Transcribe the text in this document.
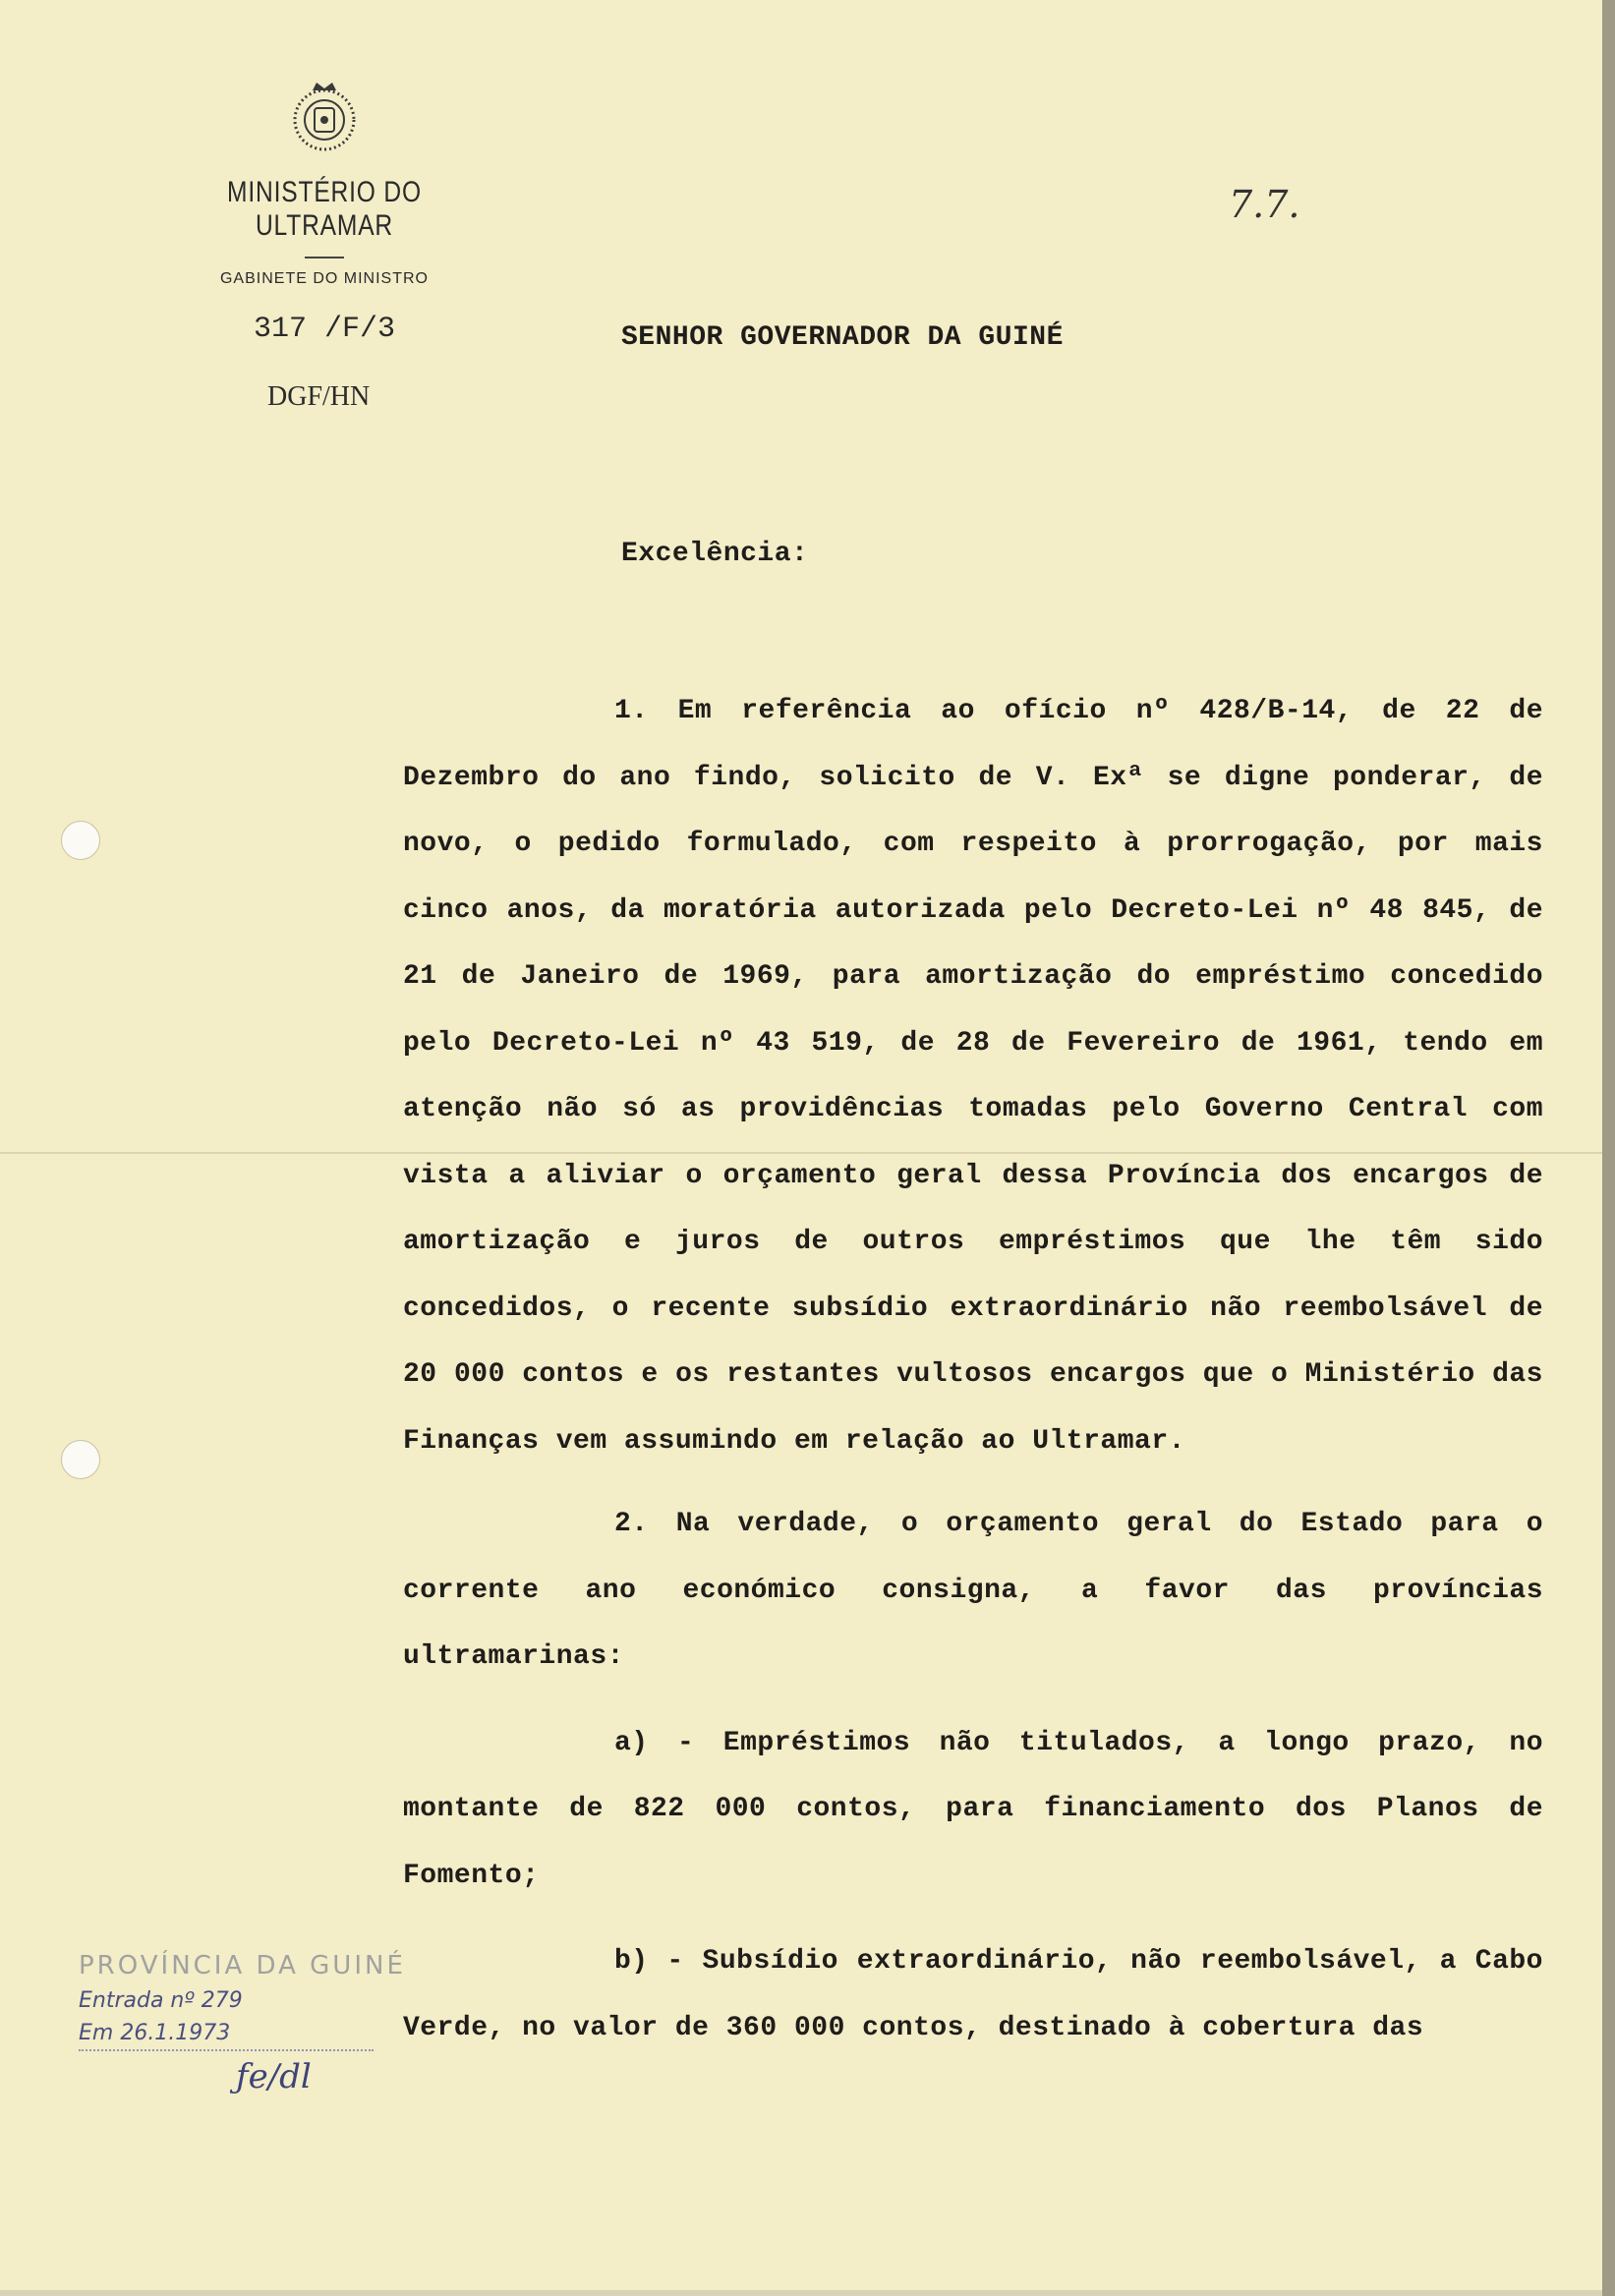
MINISTÉRIO DO ULTRAMAR
GABINETE DO MINISTRO
317 /F/3
DGF/HN
7.7.
SENHOR GOVERNADOR DA GUINÉ
Excelência:

1. Em referência ao ofício nº 428/B-14, de 22 de Dezembro do ano findo, solicito de V. Exª se digne ponderar, de novo, o pedido formulado, com respeito à prorrogação, por mais cinco anos, da moratória autorizada pelo Decreto-Lei nº 48 845, de 21 de Janeiro de 1969, para amortização do empréstimo concedido pelo Decreto-Lei nº 43 519, de 28 de Fevereiro de 1961, tendo em atenção não só as providências tomadas pelo Governo Central com vista a aliviar o orçamento geral dessa Província dos encargos de amortização e juros de outros empréstimos que lhe têm sido concedidos, o recente subsídio extraordinário não reembolsável de 20 000 contos e os restantes vultosos encargos que o Ministério das Finanças vem assumindo em relação ao Ultramar.

2. Na verdade, o orçamento geral do Estado para o corrente ano económico consigna, a favor das províncias ultramarinas:

a) - Empréstimos não titulados, a longo prazo, no montante de 822 000 contos, para financiamento dos Planos de Fomento;

b) - Subsídio extraordinário, não reembolsável, a Cabo Verde, no valor de 360 000 contos, destinado à cobertura das

PROVÍNCIA DA GUINÉ
Entrada nº 279
Em 26.1.1973
ƒe/dl
